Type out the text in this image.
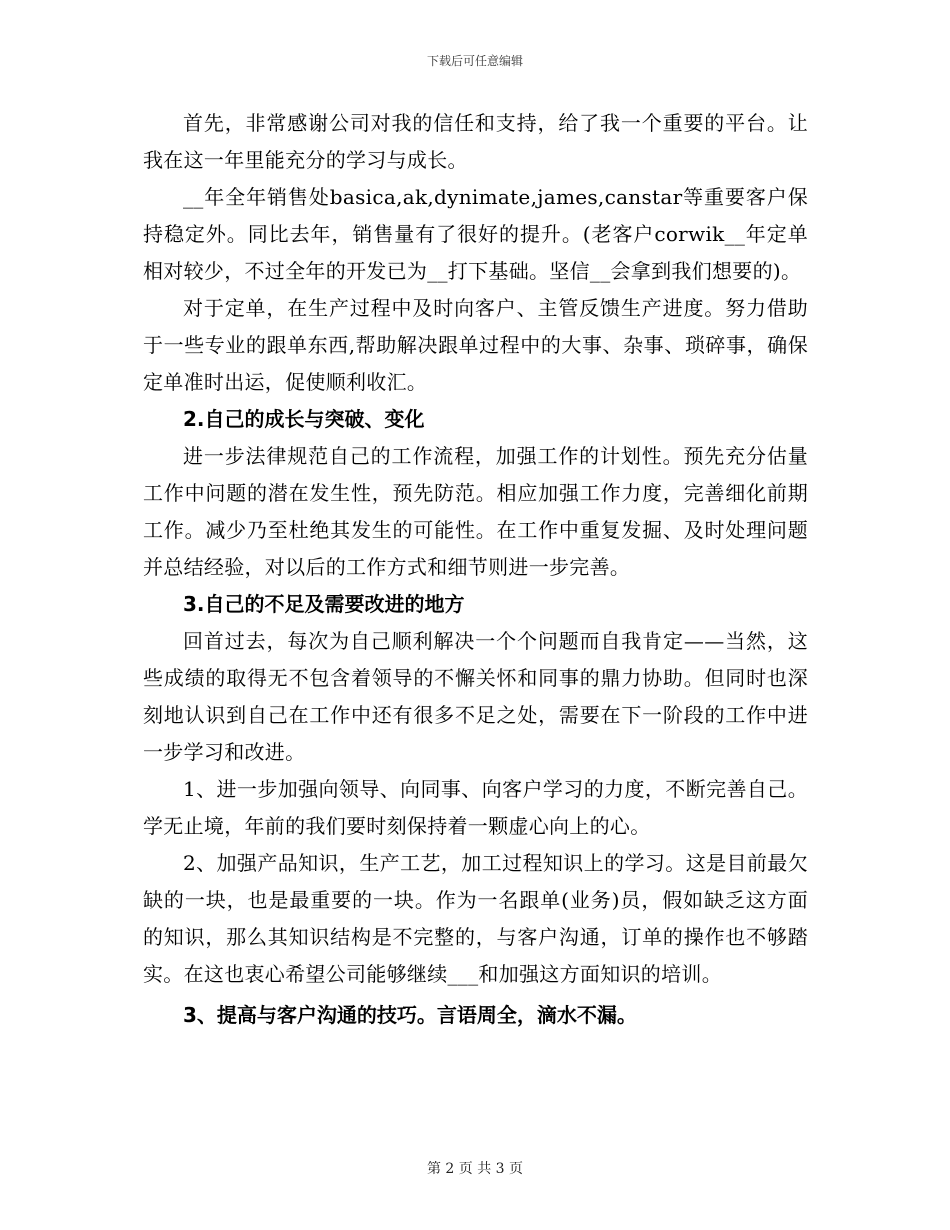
下载后可任意编辑

首先，非常感谢公司对我的信任和支持，给了我一个重要的平台。让我在这一年里能充分的学习与成长。

__年全年销售处basica,ak,dynimate,james,canstar等重要客户保持稳定外。同比去年，销售量有了很好的提升。(老客户corwik__年定单相对较少，不过全年的开发已为__打下基础。坚信__会拿到我们想要的)。

对于定单，在生产过程中及时向客户、主管反馈生产进度。努力借助于一些专业的跟单东西,帮助解决跟单过程中的大事、杂事、琐碎事，确保定单准时出运，促使顺利收汇。

2.自己的成长与突破、变化

进一步法律规范自己的工作流程，加强工作的计划性。预先充分估量工作中问题的潜在发生性，预先防范。相应加强工作力度，完善细化前期工作。减少乃至杜绝其发生的可能性。在工作中重复发掘、及时处理问题并总结经验，对以后的工作方式和细节则进一步完善。

3.自己的不足及需要改进的地方

回首过去，每次为自己顺利解决一个个问题而自我肯定——当然，这些成绩的取得无不包含着领导的不懈关怀和同事的鼎力协助。但同时也深刻地认识到自己在工作中还有很多不足之处，需要在下一阶段的工作中进一步学习和改进。

1、进一步加强向领导、向同事、向客户学习的力度，不断完善自己。学无止境，年前的我们要时刻保持着一颗虚心向上的心。

2、加强产品知识，生产工艺，加工过程知识上的学习。这是目前最欠缺的一块，也是最重要的一块。作为一名跟单(业务)员，假如缺乏这方面的知识，那么其知识结构是不完整的，与客户沟通，订单的操作也不够踏实。在这也衷心希望公司能够继续___和加强这方面知识的培训。

3、提高与客户沟通的技巧。言语周全，滴水不漏。

第 2 页 共 3 页
